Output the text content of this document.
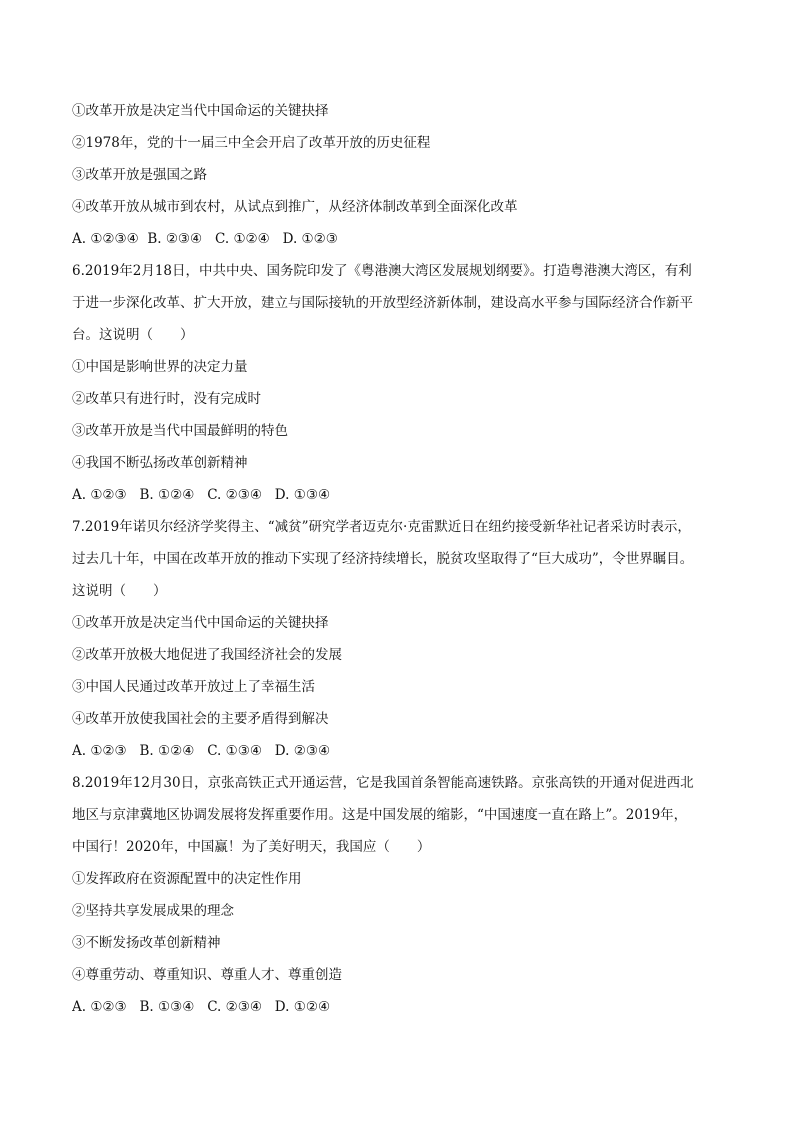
①改革开放是决定当代中国命运的关键抉择
②1978年，党的十一届三中全会开启了改革开放的历史征程
③改革开放是强国之路
④改革开放从城市到农村，从试点到推广，从经济体制改革到全面深化改革
A. ①②③④  B. ②③④   C. ①②④   D. ①②③
6.2019年2月18日，中共中央、国务院印发了《粤港澳大湾区发展规划纲要》。打造粤港澳大湾区，有利
于进一步深化改革、扩大开放，建立与国际接轨的开放型经济新体制，建设高水平参与国际经济合作新平
台。这说明（　　）
①中国是影响世界的决定力量
②改革只有进行时，没有完成时
③改革开放是当代中国最鲜明的特色
④我国不断弘扬改革创新精神
A. ①②③   B. ①②④   C. ②③④   D. ①③④
7.2019年诺贝尔经济学奖得主、“减贫”研究学者迈克尔·克雷默近日在纽约接受新华社记者采访时表示，
过去几十年，中国在改革开放的推动下实现了经济持续增长，脱贫攻坚取得了“巨大成功”，令世界瞩目。
这说明（　　）
①改革开放是决定当代中国命运的关键抉择
②改革开放极大地促进了我国经济社会的发展
③中国人民通过改革开放过上了幸福生活
④改革开放使我国社会的主要矛盾得到解决
A. ①②③   B. ①②④   C. ①③④   D. ②③④
8.2019年12月30日，京张高铁正式开通运营，它是我国首条智能高速铁路。京张高铁的开通对促进西北
地区与京津冀地区协调发展将发挥重要作用。这是中国发展的缩影，“中国速度一直在路上”。2019年，
中国行！2020年，中国赢！为了美好明天，我国应（　　）
①发挥政府在资源配置中的决定性作用
②坚持共享发展成果的理念
③不断发扬改革创新精神
④尊重劳动、尊重知识、尊重人才、尊重创造
A. ①②③   B. ①③④   C. ②③④   D. ①②④
